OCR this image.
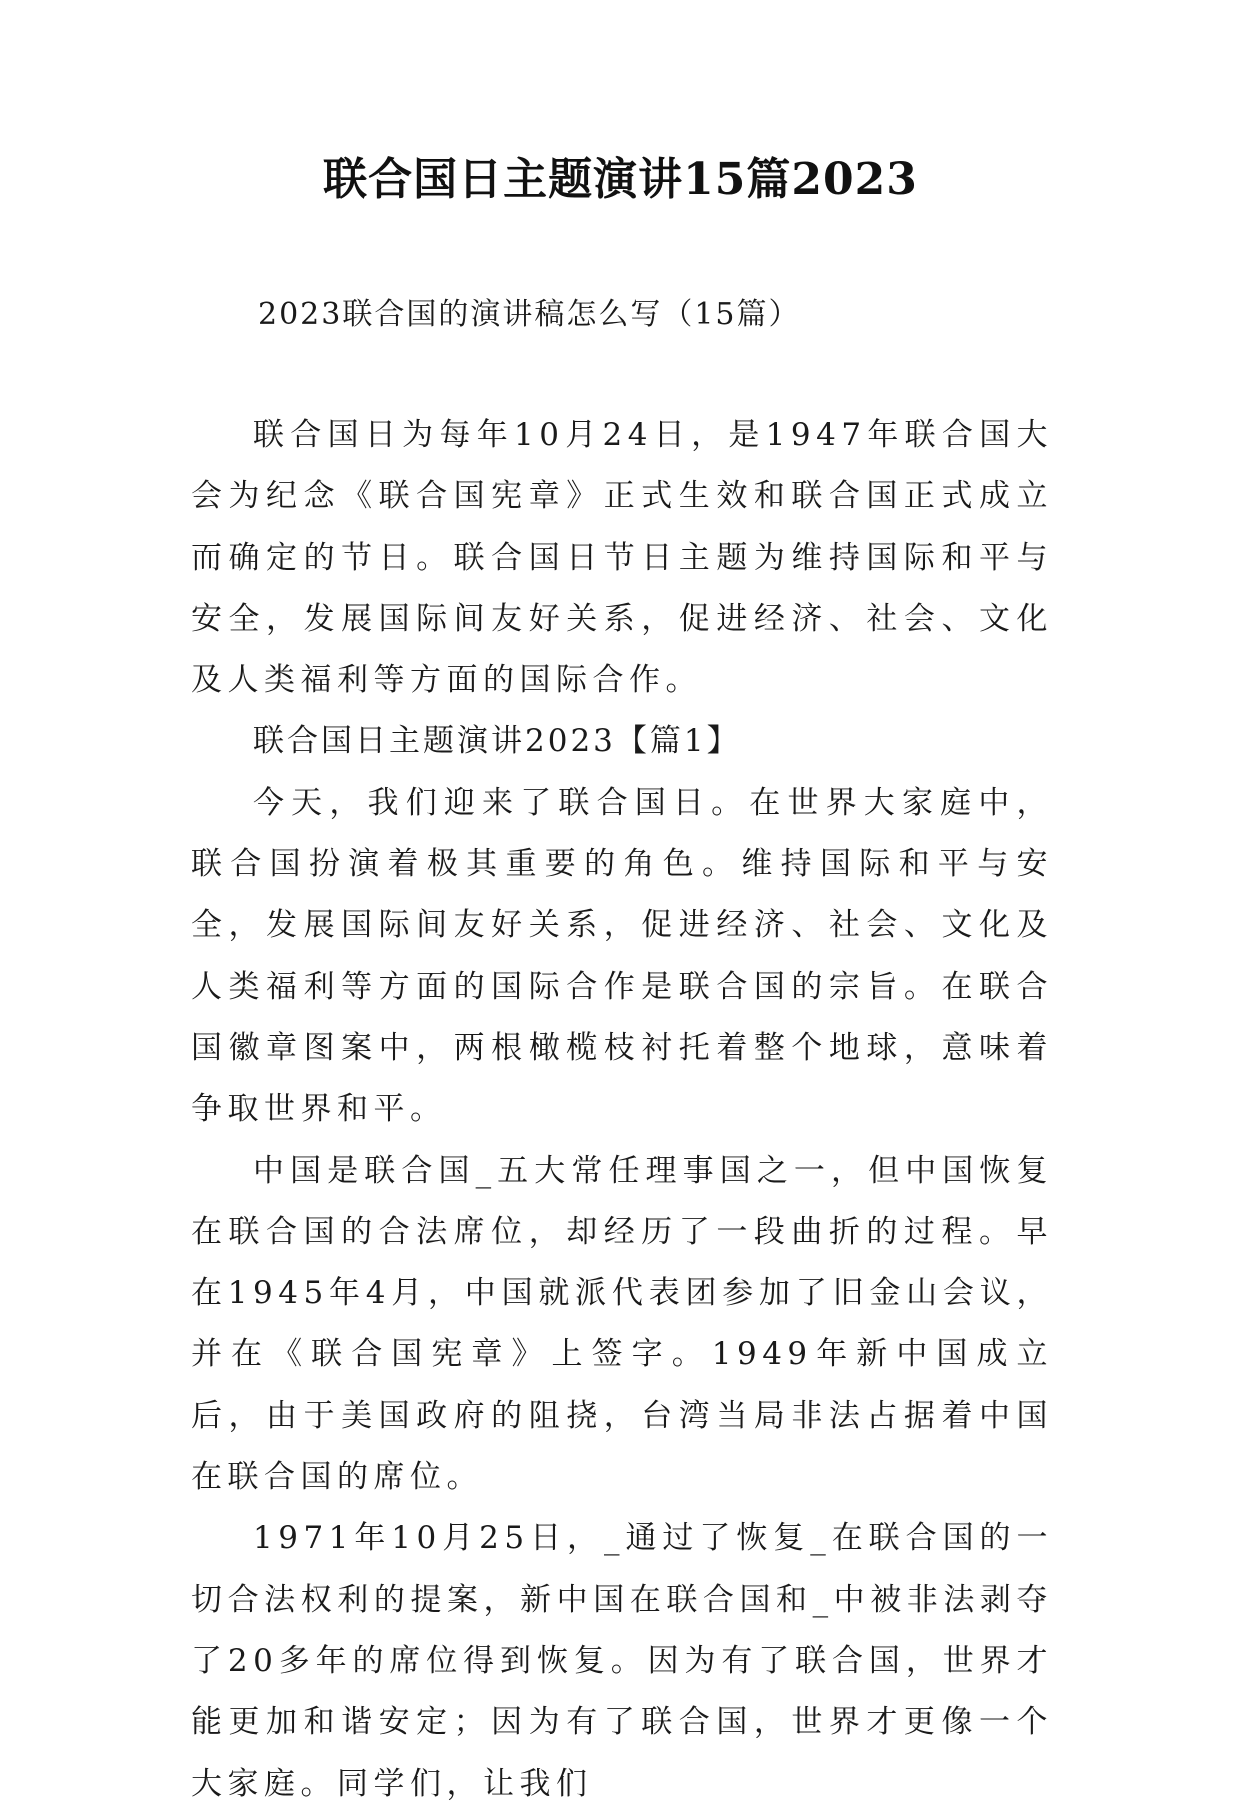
联合国日主题演讲15篇2023
2023联合国的演讲稿怎么写（15篇）

联合国日为每年10月24日，是1947年联合国大会为纪念《联合国宪章》正式生效和联合国正式成立而确定的节日。联合国日节日主题为维持国际和平与安全，发展国际间友好关系，促进经济、社会、文化及人类福利等方面的国际合作。

联合国日主题演讲2023【篇1】

今天，我们迎来了联合国日。在世界大家庭中，联合国扮演着极其重要的角色。维持国际和平与安全，发展国际间友好关系，促进经济、社会、文化及人类福利等方面的国际合作是联合国的宗旨。在联合国徽章图案中，两根橄榄枝衬托着整个地球，意味着争取世界和平。

中国是联合国_五大常任理事国之一，但中国恢复在联合国的合法席位，却经历了一段曲折的过程。早在1945年4月，中国就派代表团参加了旧金山会议，并在《联合国宪章》上签字。1949年新中国成立后，由于美国政府的阻挠，台湾当局非法占据着中国在联合国的席位。

1971年10月25日，_通过了恢复_在联合国的一切合法权利的提案，新中国在联合国和_中被非法剥夺了20多年的席位得到恢复。因为有了联合国，世界才能更加和谐安定；因为有了联合国，世界才更像一个大家庭。同学们，让我们
